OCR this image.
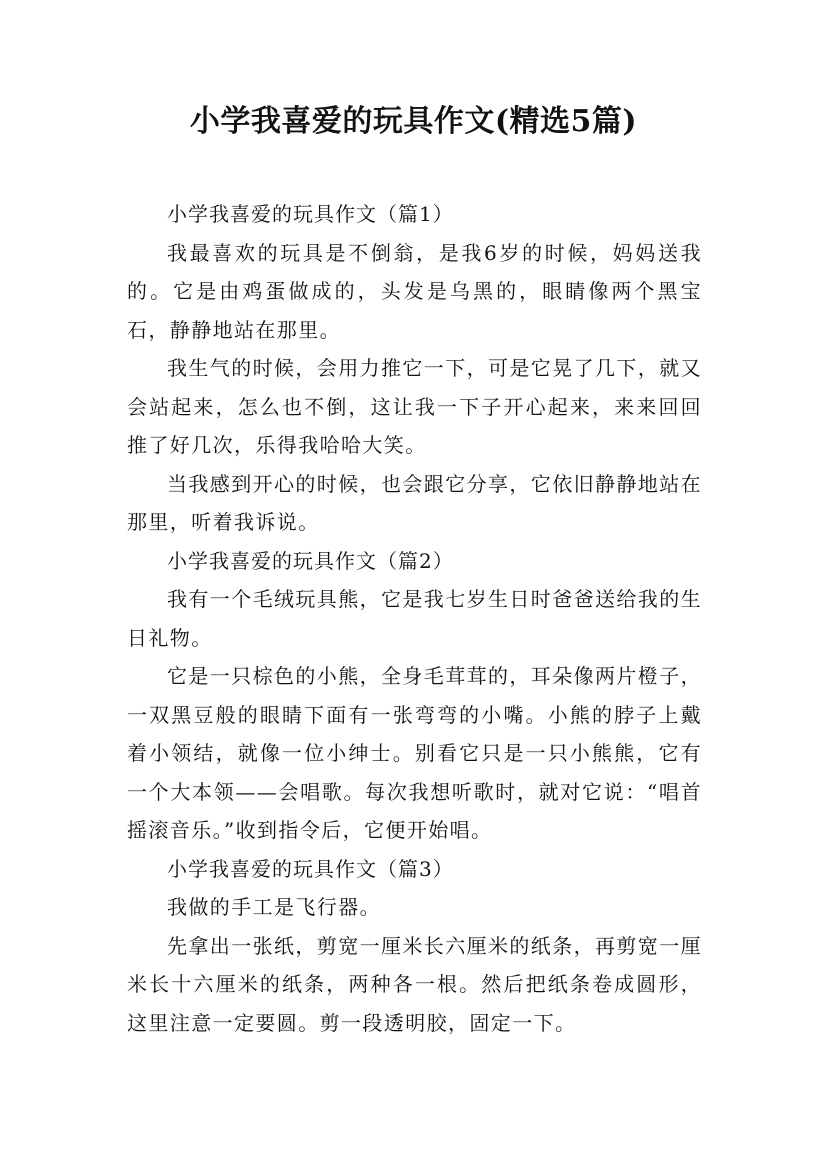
小学我喜爱的玩具作文(精选5篇)

小学我喜爱的玩具作文（篇1）

我最喜欢的玩具是不倒翁，是我6岁的时候，妈妈送我的。它是由鸡蛋做成的，头发是乌黑的，眼睛像两个黑宝石，静静地站在那里。

我生气的时候，会用力推它一下，可是它晃了几下，就又会站起来，怎么也不倒，这让我一下子开心起来，来来回回推了好几次，乐得我哈哈大笑。

当我感到开心的时候，也会跟它分享，它依旧静静地站在那里，听着我诉说。

小学我喜爱的玩具作文（篇2）

我有一个毛绒玩具熊，它是我七岁生日时爸爸送给我的生日礼物。

它是一只棕色的小熊，全身毛茸茸的，耳朵像两片橙子，一双黑豆般的眼睛下面有一张弯弯的小嘴。小熊的脖子上戴着小领结，就像一位小绅士。别看它只是一只小熊熊，它有一个大本领——会唱歌。每次我想听歌时，就对它说：“唱首摇滚音乐。”收到指令后，它便开始唱。

小学我喜爱的玩具作文（篇3）

我做的手工是飞行器。

先拿出一张纸，剪宽一厘米长六厘米的纸条，再剪宽一厘米长十六厘米的纸条，两种各一根。然后把纸条卷成圆形，这里注意一定要圆。剪一段透明胶，固定一下。
